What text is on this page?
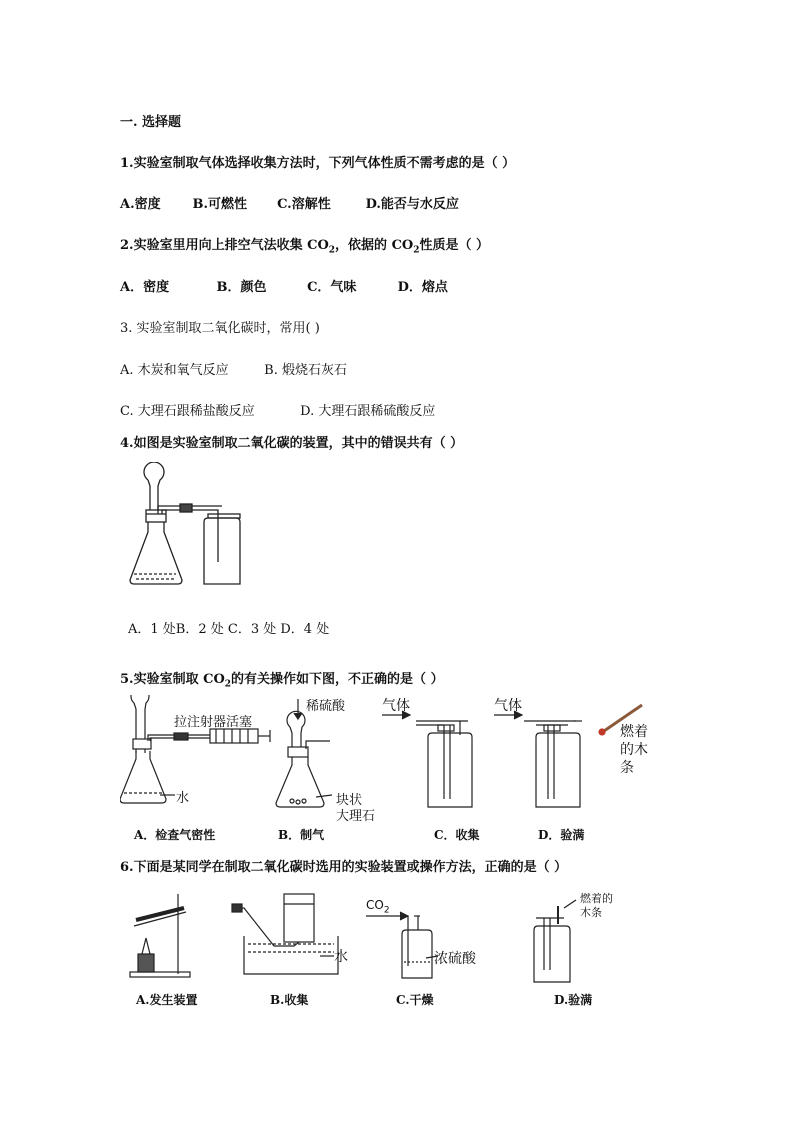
一. 选择题
1.实验室制取气体选择收集方法时，下列气体性质不需考虑的是（ ）
A.密度 B.可燃性 C.溶解性	D.能否与水反应
2.实验室里用向上排空气法收集 $CO_2$，依据的 $CO_2$性质是（ ）
A．密度	B．颜色	C．气味	D．熔点
3. 实验室制取二氧化碳时，常用( )
A. 木炭和氧气反应	B. 煅烧石灰石
C. 大理石跟稀盐酸反应	D. 大理石跟稀硫酸反应
4.如图是实验室制取二氧化碳的装置，其中的错误共有（ ）
A．1 处B．2 处 C．3 处 D．4 处
5.实验室制取 $CO_2$的有关操作如下图，不正确的是（ ）
拉注射器活塞
水
稀硫酸
块状
大理石
气体	气体
燃着
的木
条
A．检查气密性	B．制气	C．收集	D．验满
6.下面是某同学在制取二氧化碳时选用的实验装置或操作方法，正确的是（ ）
水
$CO_2$
浓硫酸
燃着的
木条
A.发生装置	B.收集	C.干燥	D.验满
